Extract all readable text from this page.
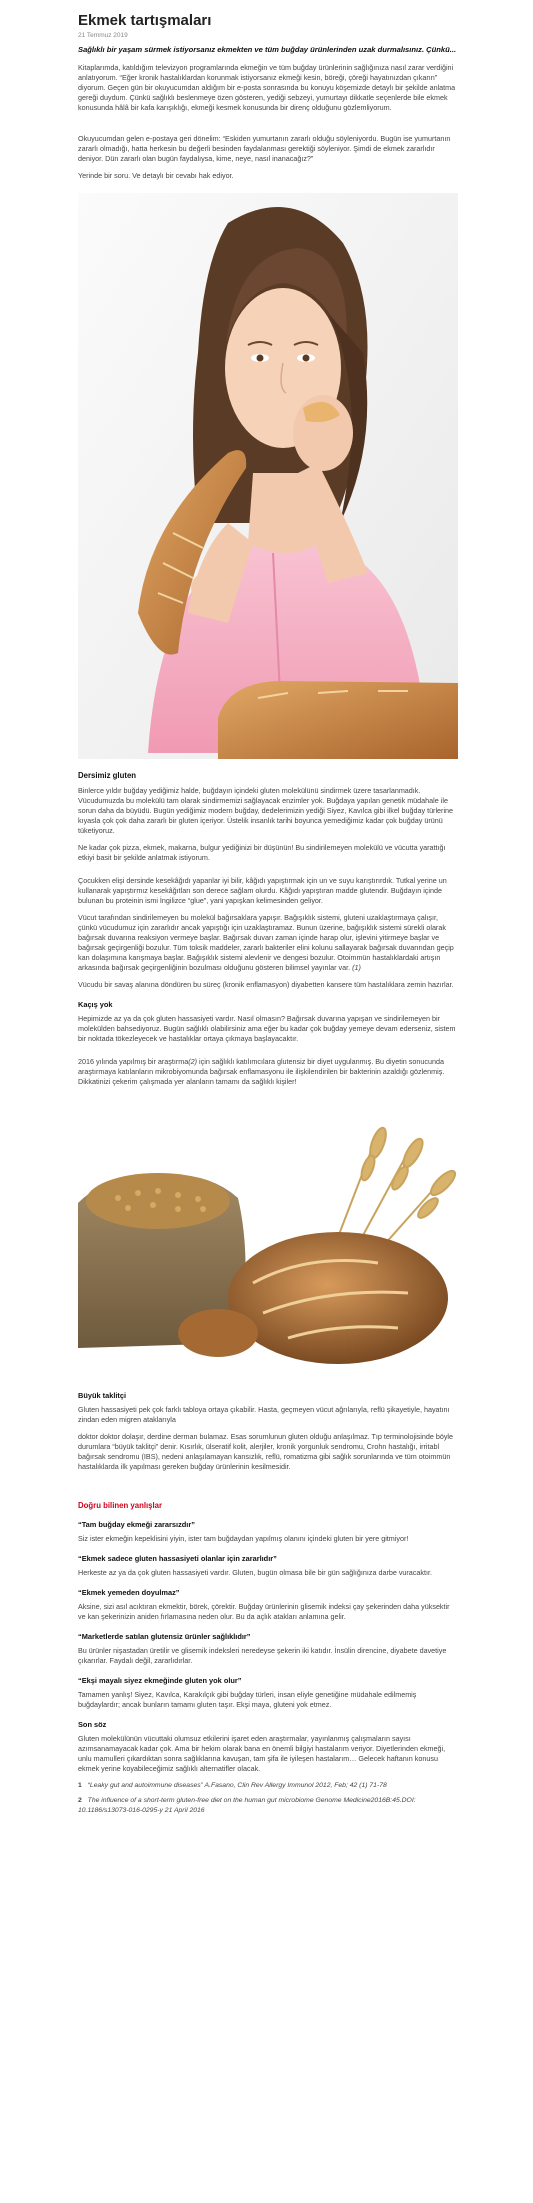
Ekmek tartışmaları
21 Temmuz 2019
Sağlıklı bir yaşam sürmek istiyorsanız ekmekten ve tüm buğday ürünlerinden uzak durmalısınız. Çünkü...

Kitaplarımda, katıldığım televizyon programlarında ekmeğin ve tüm buğday ürünlerinin sağlığınıza nasıl zarar verdiğini anlatıyorum. “Eğer kronik hastalıklardan korunmak istiyorsanız ekmeği kesin, böreği, çöreği hayatınızdan çıkarın” diyorum. Geçen gün bir okuyucumdan aldığım bir e-posta sonrasında bu konuyu köşemizde detaylı bir şekilde anlatma gereği duydum. Çünkü sağlıklı beslenmeye özen gösteren, yediği sebzeyi, yumurtayı dikkatle seçenlerde bile ekmek konusunda hâlâ bir kafa karışıklığı, ekmeği kesmek konusunda bir direnç olduğunu gözlemliyorum.

Okuyucumdan gelen e-postaya geri dönelim: “Eskiden yumurtanın zararlı olduğu söyleniyordu. Bugün ise yumurtanın zararlı olmadığı, hatta herkesin bu değerli besinden faydalanması gerektiği söyleniyor. Şimdi de ekmek zararlıdır deniyor. Dün zararlı olan bugün faydalıysa, kime, neye, nasıl inanacağız?”

Yerinde bir soru. Ve detaylı bir cevabı hak ediyor.

Dersimiz gluten

Binlerce yıldır buğday yediğimiz halde, buğdayın içindeki gluten molekülünü sindirmek üzere tasarlanmadık. Vücudumuzda bu molekülü tam olarak sindirmemizi sağlayacak enzimler yok. Buğdaya yapılan genetik müdahale ile sorun daha da büyüdü. Bugün yediğimiz modern buğday, dedelerimizin yediği Siyez, Kavılca gibi ilkel buğday türlerine kıyasla çok çok daha zararlı bir gluten içeriyor. Üstelik insanlık tarihi boyunca yemediğimiz kadar çok buğday ürünü tüketiyoruz.

Ne kadar çok pizza, ekmek, makarna, bulgur yediğinizi bir düşünün! Bu sindirilemeyen molekülü ve vücutta yarattığı etkiyi basit bir şekilde anlatmak istiyorum.

Çocukken elişi dersinde kesekâğıdı yapanlar iyi bilir, kâğıdı yapıştırmak için un ve suyu karıştırırdık. Tutkal yerine un kullanarak yapıştırmız kesekâğıtları son derece sağlam olurdu. Kâğıdı yapıştıran madde glutendir. Buğdayın içinde bulunan bu proteinin ismi İngilizce “glue”, yani yapışkan kelimesinden geliyor.

Vücut tarafından sindirilemeyen bu molekül bağırsaklara yapışır. Bağışıklık sistemi, gluteni uzaklaştırmaya çalışır, çünkü vücudumuz için zararlıdır ancak yapıştığı için uzaklaştıramaz. Bunun üzerine, bağışıklık sistemi sürekli olarak bağırsak duvarına reaksiyon vermeye başlar. Bağırsak duvarı zaman içinde harap olur, işlevini yitirmeye başlar ve bağırsak geçirgenliği bozulur. Tüm toksik maddeler, zararlı bakteriler elini kolunu sallayarak bağırsak duvarından geçip kan dolaşımına karışmaya başlar. Bağışıklık sistemi alevlenir ve dengesi bozulur. Otoimmün hastalıklardaki artışın arkasında bağırsak geçirgenliğinin bozulması olduğunu gösteren bilimsel yayınlar var. (1)

Vücudu bir savaş alanına döndüren bu süreç (kronik enflamasyon) diyabetten kansere tüm hastalıklara zemin hazırlar.

Kaçış yok

Hepimizde az ya da çok gluten hassasiyeti vardır. Nasıl olmasın? Bağırsak duvarına yapışan ve sindirilemeyen bir molekülden bahsediyoruz. Bugün sağlıklı olabilirsiniz ama eğer bu kadar çok buğday yemeye devam ederseniz, sistem bir noktada tökezleyecek ve hastalıklar ortaya çıkmaya başlayacaktır.

2016 yılında yapılmış bir araştırma(2) için sağlıklı katılımcılara glutensiz bir diyet uygulanmış. Bu diyetin sonucunda araştırmaya katılanların mikrobiyomunda bağırsak enflamasyonu ile ilişkilendirilen bir bakterinin azaldığı gözlenmiş. Dikkatinizi çekerim çalışmada yer alanların tamamı da sağlıklı kişiler!

Büyük taklitçi

Gluten hassasiyeti pek çok farklı tabloya ortaya çıkabilir. Hasta, geçmeyen vücut ağrılarıyla, reflü şikayetiyle, hayatını zindan eden migren ataklarıyla

doktor doktor dolaşır, derdine derman bulamaz. Esas sorumlunun gluten olduğu anlaşılmaz. Tıp terminolojisinde böyle durumlara “büyük taklitçi” denir. Kısırlık, ülseratif kolit, alerjiler, kronik yorgunluk sendromu, Crohn hastalığı, irritabl bağırsak sendromu (IBS), nedeni anlaşılamayan kansızlık, reflü, romatizma gibi sağlık sorunlarında ve tüm otoimmün hastalıklarda ilk yapılması gereken buğday ürünlerinin kesilmesidir.

Doğru bilinen yanlışlar
“Tam buğday ekmeği zararsızdır”

Siz ister ekmeğin kepeklisini yiyin, ister tam buğdaydan yapılmış olanını içindeki gluten bir yere gitmiyor!

“Ekmek sadece gluten hassasiyeti olanlar için zararlıdır”

Herkeste az ya da çok gluten hassasiyeti vardır. Gluten, bugün olmasa bile bir gün sağlığınıza darbe vuracaktır.

“Ekmek yemeden doyulmaz”

Aksine, sizi asıl acıktıran ekmektir, börek, çörektir. Buğday ürünlerinin glisemik indeksi çay şekerinden daha yüksektir ve kan şekerinizin aniden fırlamasına neden olur. Bu da açlık atakları anlamına gelir.

“Marketlerde satılan glutensiz ürünler sağlıklıdır”

Bu ürünler nişastadan üretilir ve glisemik indeksleri neredeyse şekerin iki katıdır. İnsülin direncine, diyabete davetiye çıkarırlar. Faydalı değil, zararlıdırlar.

“Ekşi mayalı siyez ekmeğinde gluten yok olur”

Tamamen yanlış! Siyez, Kavılca, Karakılçık gibi buğday türleri, insan eliyle genetiğine müdahale edilmemiş buğdaylardır; ancak bunların tamamı gluten taşır. Ekşi maya, gluteni yok etmez.

Son söz

Gluten molekülünün vücuttaki olumsuz etkilerini işaret eden araştırmalar, yayınlanmış çalışmaların sayısı azımsanamayacak kadar çok. Ama bir hekim olarak bana en önemli bilgiyi hastalarım veriyor. Diyetlerinden ekmeği, unlu mamulleri çıkardıktan sonra sağlıklarına kavuşan, tam şifa ile iyileşen hastalarım… Gelecek haftanın konusu ekmek yerine koyabileceğimiz sağlıklı alternatifler olacak.

1 “Leaky gut and autoimmune diseases” A.Fasano, Clin Rev Allergy Immunol 2012, Feb; 42 (1) 71-78
2 The influence of a short-term gluten-free diet on the human gut microbiome Genome Medicine2016B:45.DOI: 10.1186/s13073-016-0295-y 21 April 2016
